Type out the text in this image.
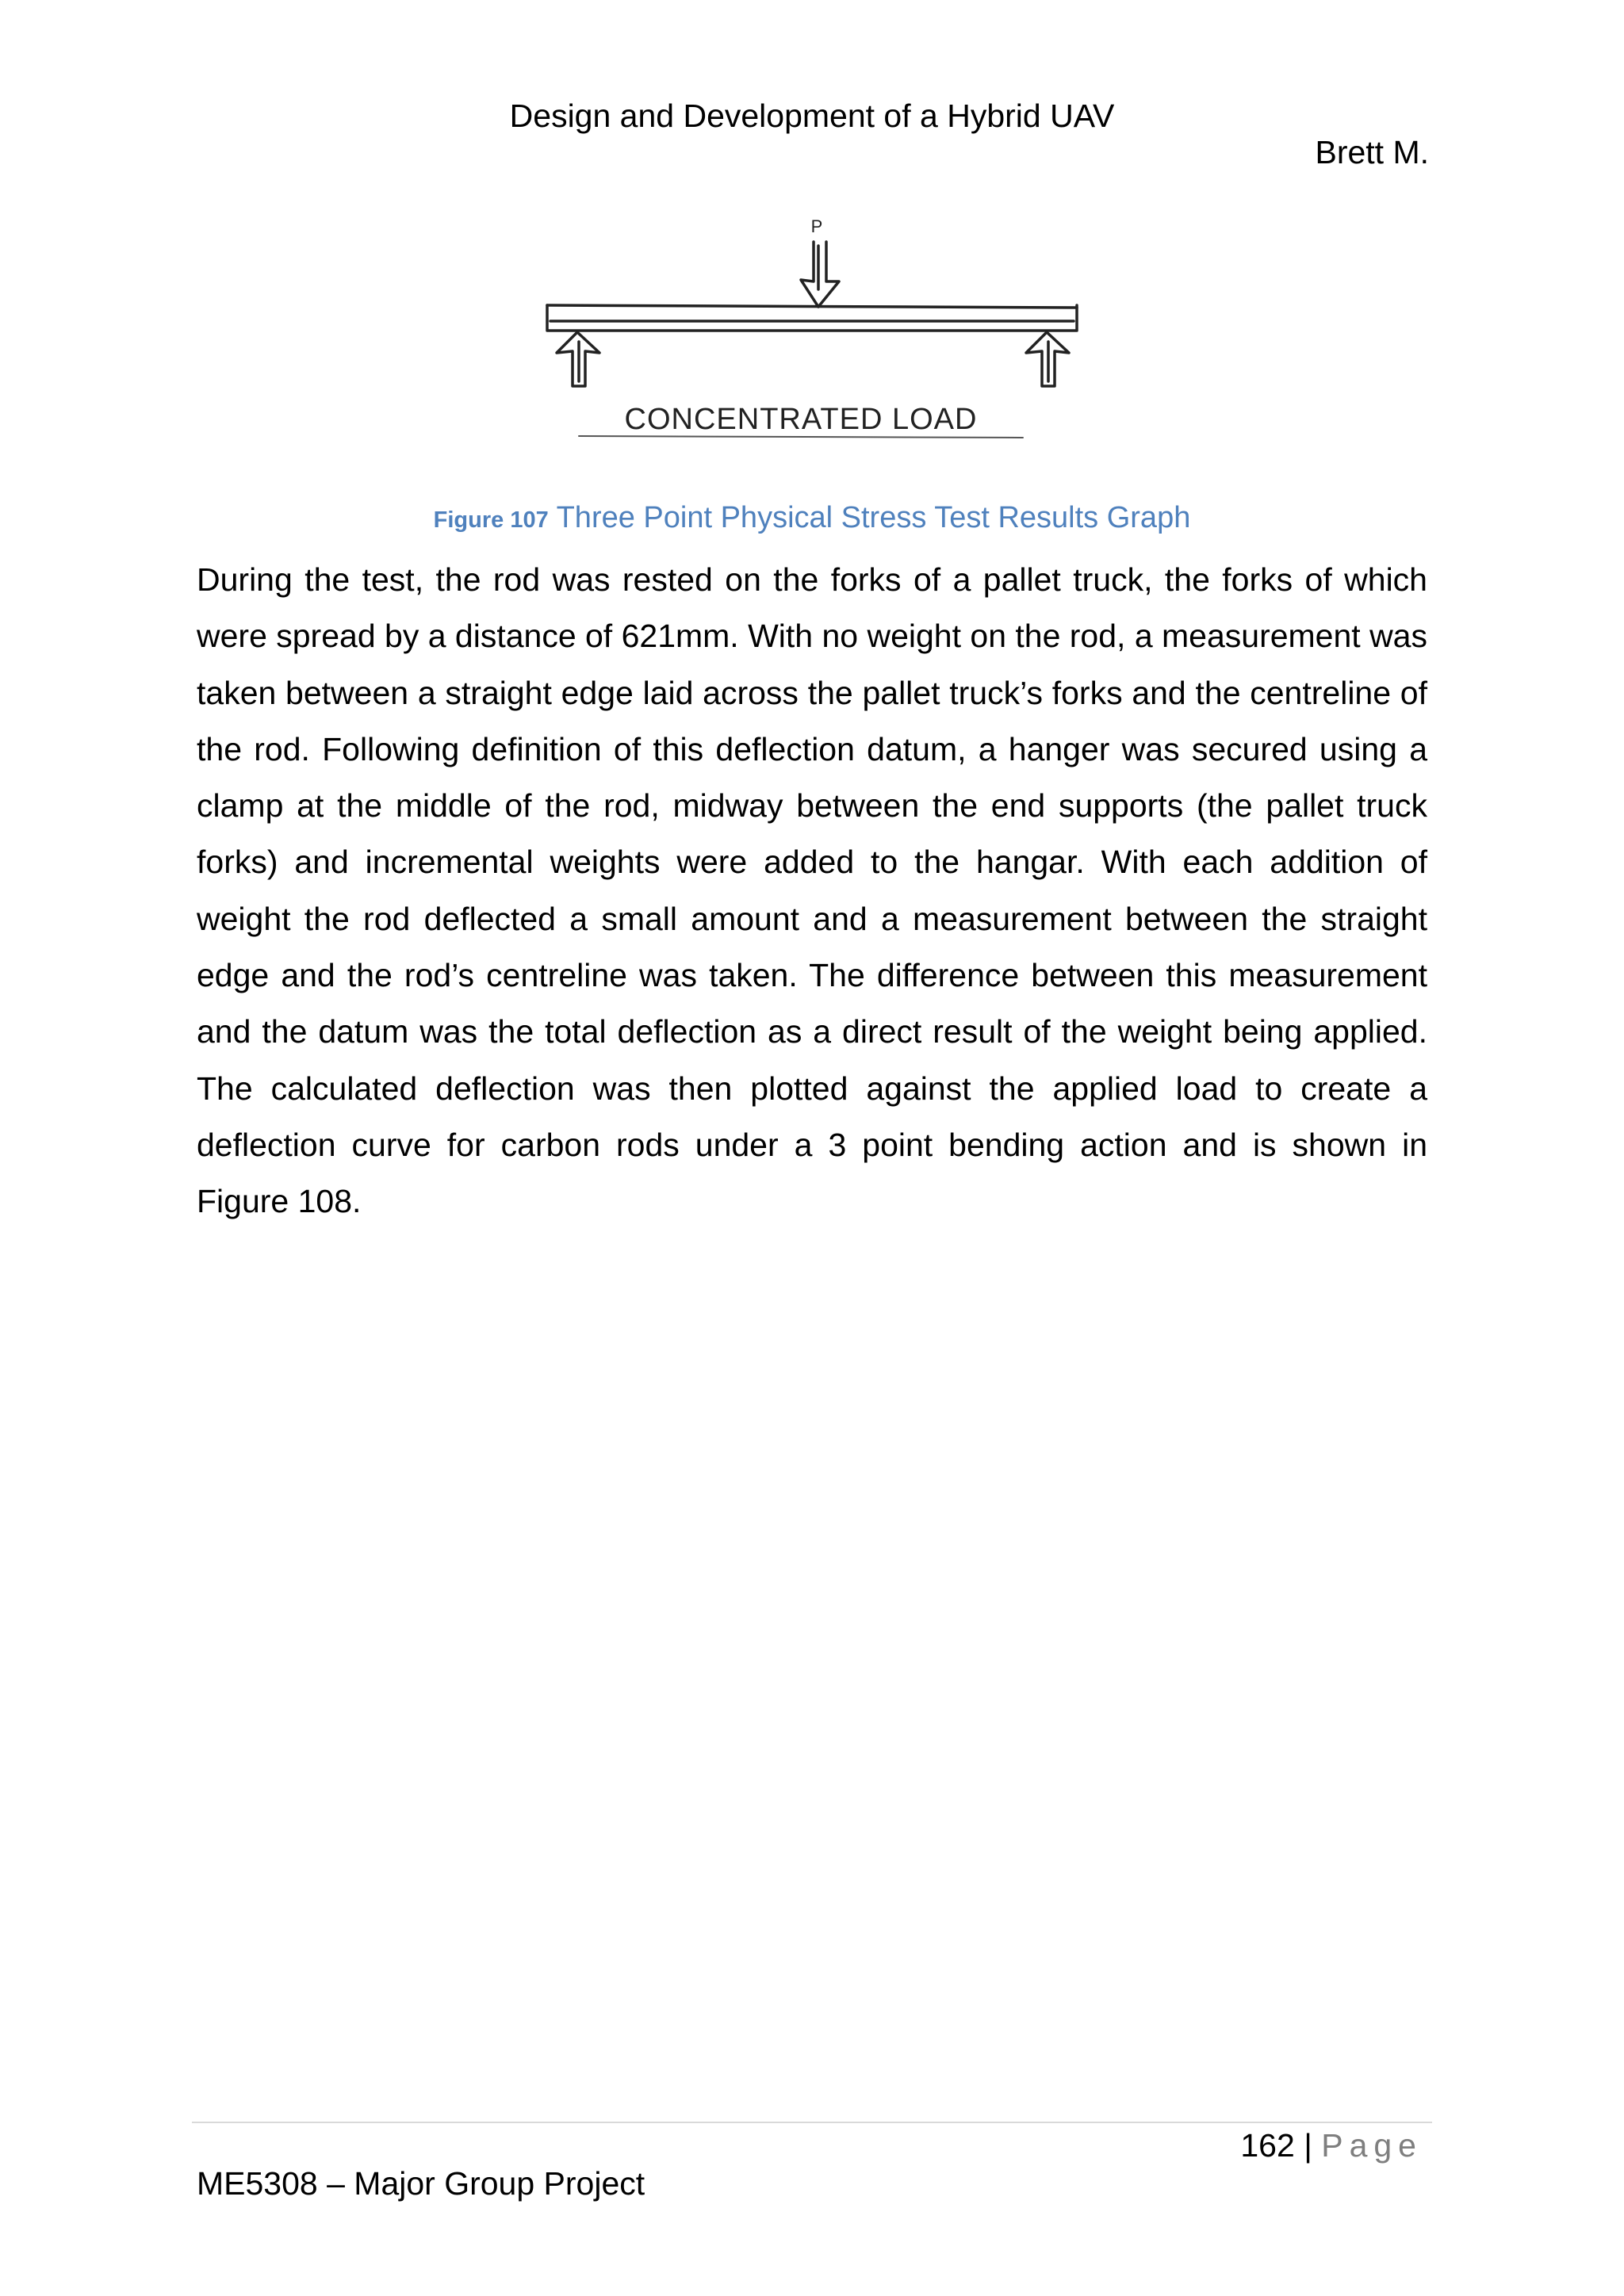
Design and Development of a Hybrid UAV
Brett M.
P
CONCENTRATED LOAD
Figure 107 Three Point Physical Stress Test Results Graph

During the test, the rod was rested on the forks of a pallet truck, the forks of which were spread by a distance of 621mm. With no weight on the rod, a measurement was taken between a straight edge laid across the pallet truck’s forks and the centreline of the rod. Following definition of this deflection datum, a hanger was secured using a clamp at the middle of the rod, midway between the end supports (the pallet truck forks) and incremental weights were added to the hangar. With each addition of weight the rod deflected a small amount and a measurement between the straight edge and the rod’s centreline was taken. The difference between this measurement and the datum was the total deflection as a direct result of the weight being applied. The calculated deflection was then plotted against the applied load to create a deflection curve for carbon rods under a 3 point bending action and is shown in Figure 108.

162 | Page
ME5308 – Major Group Project
